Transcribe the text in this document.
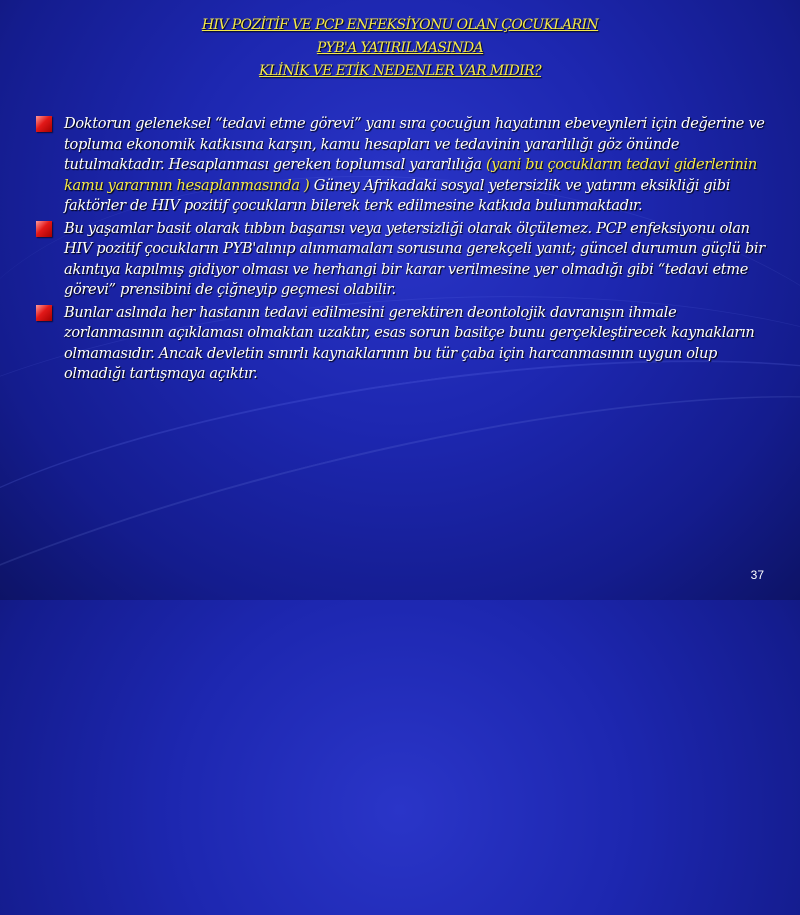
HIV POZİTİF VE PCP ENFEKSİYONU OLAN ÇOCUKLARIN
PYB'A YATIRILMASINDA
KLİNİK VE ETİK NEDENLER VAR MIDIR?
Doktorun geleneksel “tedavi etme görevi” yanı sıra çocuğun hayatının ebeveynleri için değerine ve topluma ekonomik katkısına karşın, kamu hesapları ve tedavinin yararlılığı göz önünde tutulmaktadır. Hesaplanması gereken toplumsal yararlılığa (yani bu çocukların tedavi giderlerinin kamu yararının hesaplanmasında ) Güney Afrikadaki sosyal yetersizlik ve yatırım eksikliği gibi faktörler de HIV pozitif çocukların bilerek terk edilmesine katkıda bulunmaktadır.
Bu yaşamlar basit olarak tıbbın başarısı veya yetersizliği olarak ölçülemez. PCP enfeksiyonu olan HIV pozitif çocukların PYB'alınıp alınmamaları sorusuna gerekçeli yanıt; güncel durumun güçlü bir akıntıya kapılmış gidiyor olması ve herhangi bir karar verilmesine yer olmadığı gibi “tedavi etme görevi” prensibini de çiğneyip geçmesi olabilir.
Bunlar aslında her hastanın tedavi edilmesini gerektiren deontolojik davranışın ihmale zorlanmasının açıklaması olmaktan uzaktır, esas sorun basitçe bunu gerçekleştirecek kaynakların olmamasıdır. Ancak devletin sınırlı kaynaklarının bu tür çaba için harcanmasının uygun olup olmadığı tartışmaya açıktır.
37
